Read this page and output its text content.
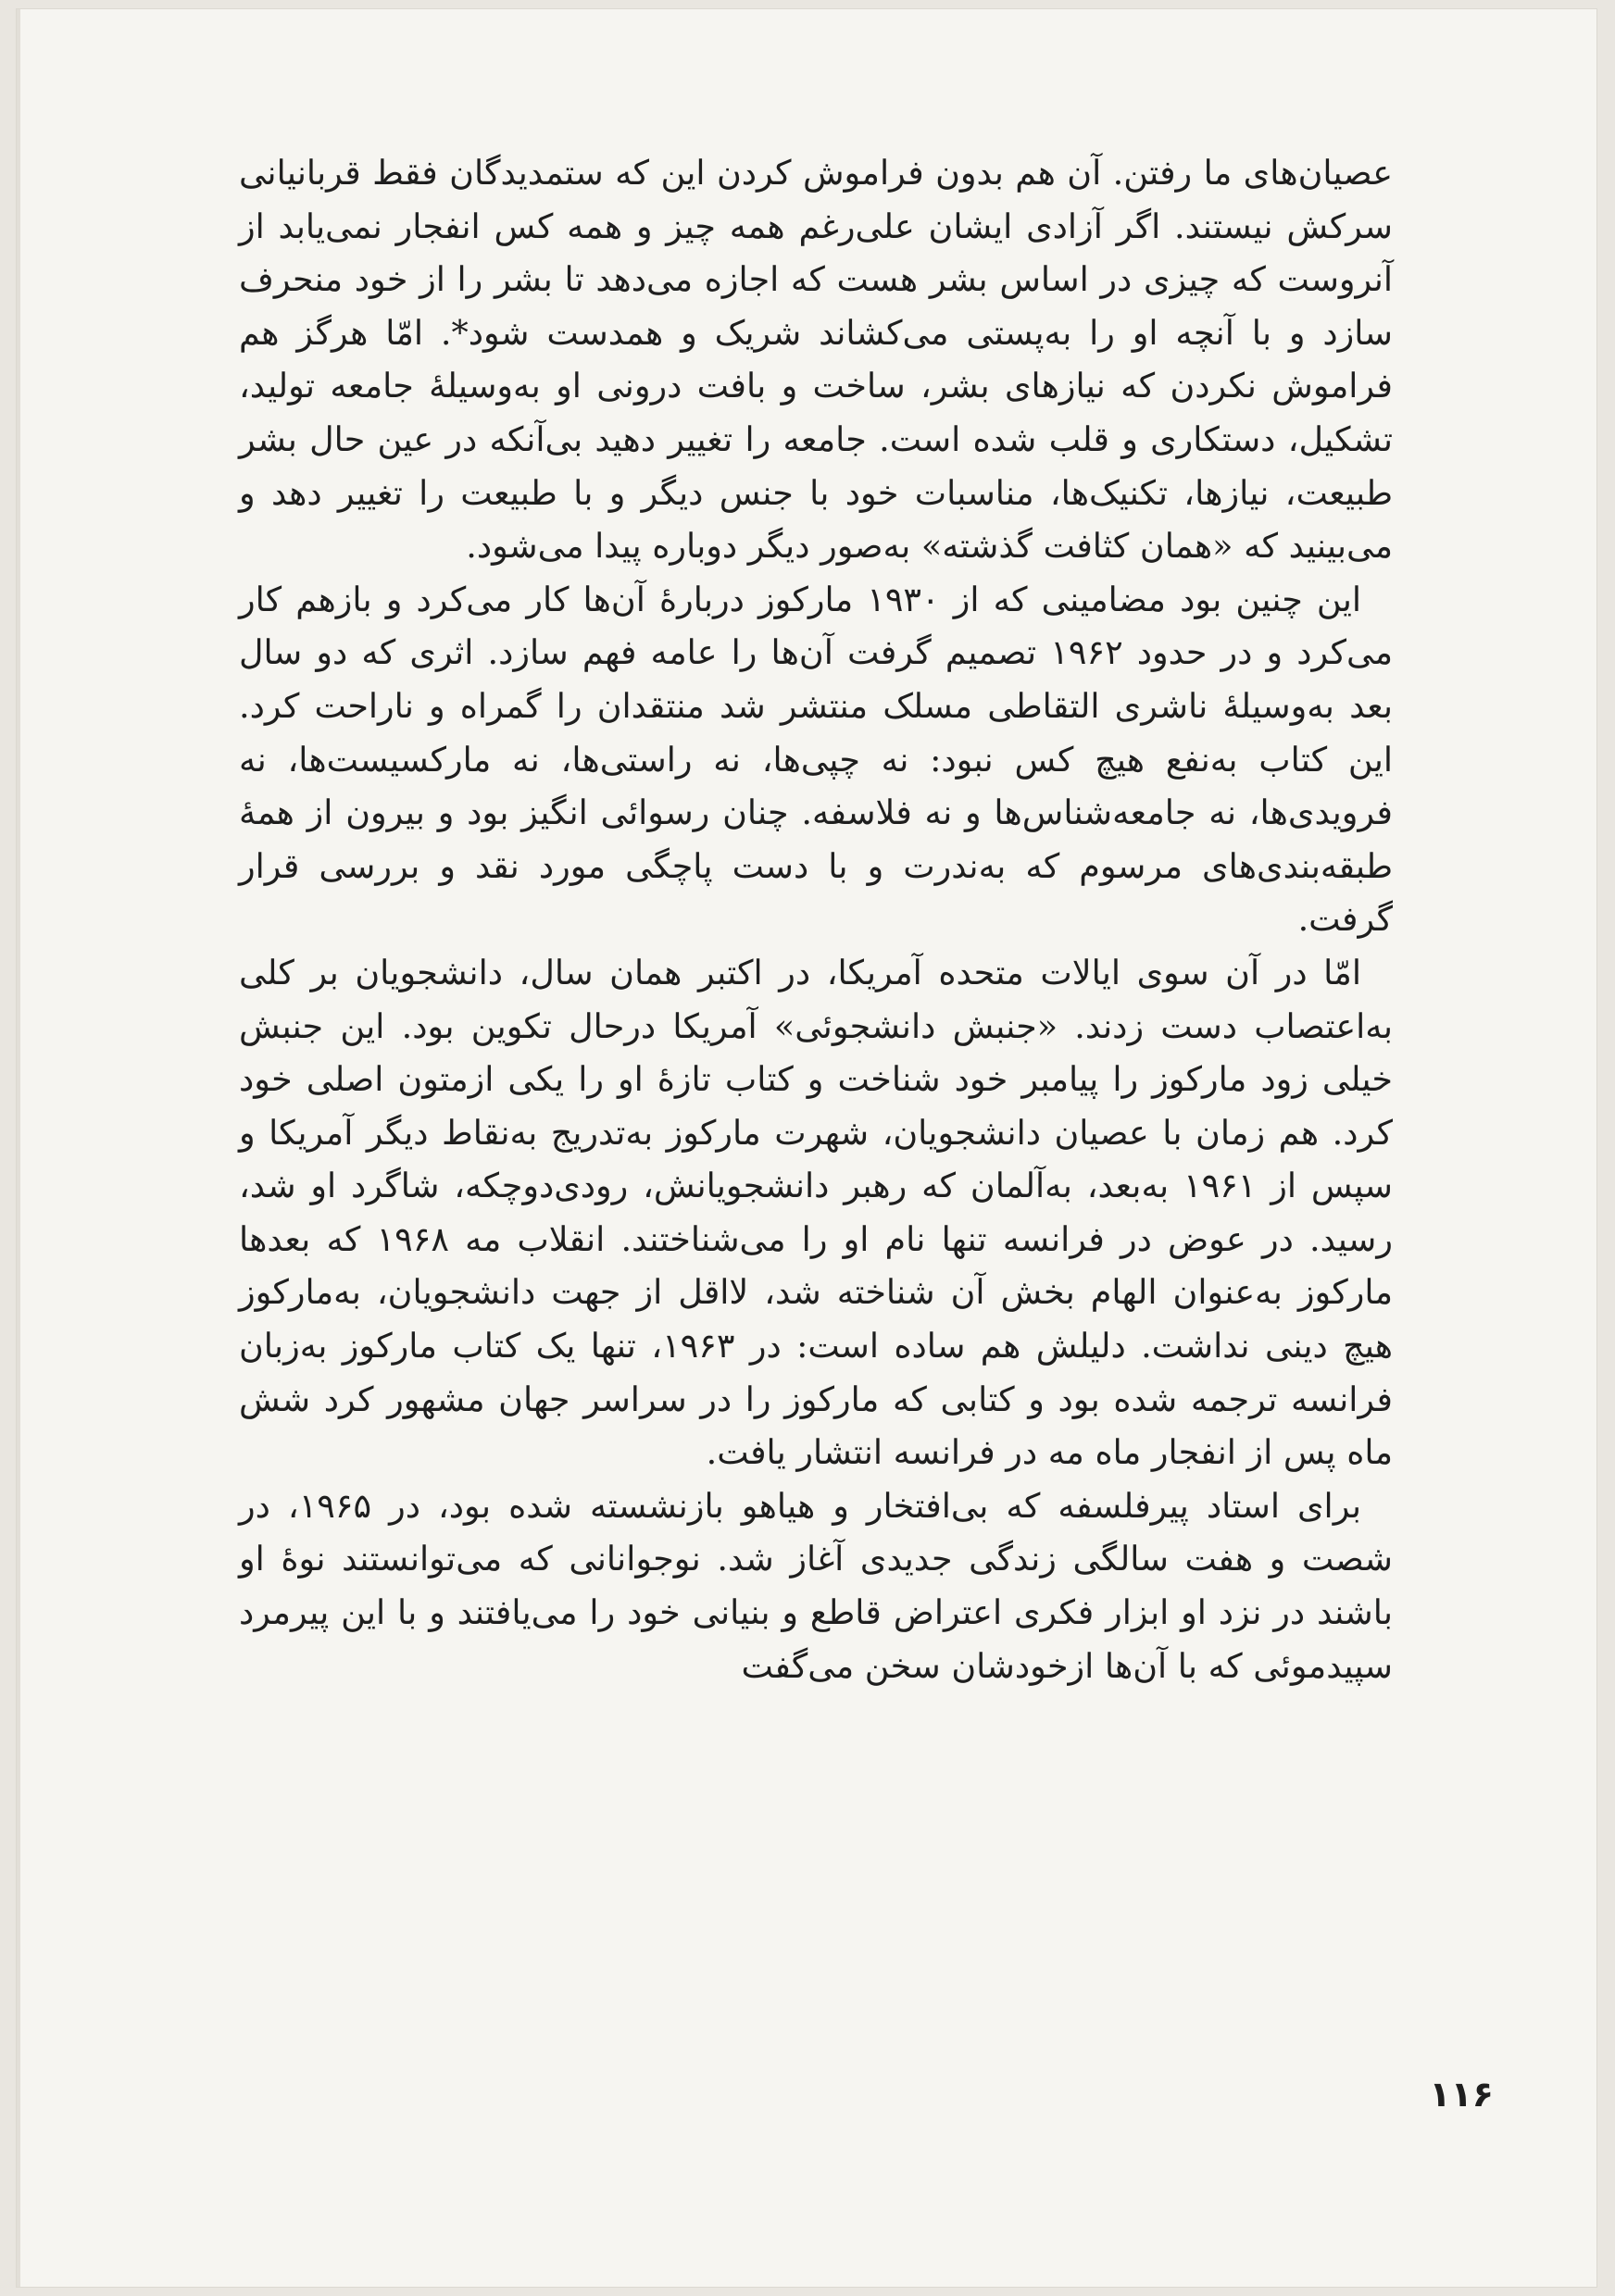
عصیان‌های ما رفتن. آن هم بدون فراموش کردن این که ستمدیدگان فقط قربانیانی سرکش نیستند. اگر آزادی ایشان علی‌رغم همه چیز و همه کس انفجار نمی‌یابد از آنروست که چیزی در اساس بشر هست که اجازه می‌دهد تا بشر را از خود منحرف سازد و با آنچه او را به‌پستی می‌کشاند شریک و همدست شود*. امّا هرگز هم فراموش نکردن که نیازهای بشر، ساخت و بافت درونی او به‌وسیلهٔ جامعه تولید، تشکیل، دستکاری و قلب شده است. جامعه را تغییر دهید بی‌آنکه در عین حال بشر طبیعت، نیازها، تکنیک‌ها، مناسبات خود با جنس دیگر و با طبیعت را تغییر دهد و می‌بینید که «همان کثافت گذشته» به‌صور دیگر دوباره پیدا می‌شود.

این چنین بود مضامینی که از ۱۹۳۰ مارکوز دربارهٔ آن‌ها کار می‌کرد و بازهم کار می‌کرد و در حدود ۱۹۶۲ تصمیم گرفت آن‌ها را عامه فهم سازد. اثری که دو سال بعد به‌وسیلهٔ ناشری التقاطی مسلک منتشر شد منتقدان را گمراه و ناراحت کرد. این کتاب به‌نفع هیچ کس نبود: نه چپی‌ها، نه راستی‌ها، نه مارکسیست‌ها، نه فرویدی‌ها، نه جامعه‌شناس‌ها و نه فلاسفه. چنان رسوائی انگیز بود و بیرون از همهٔ طبقه‌بندی‌های مرسوم که به‌ندرت و با دست پاچگی مورد نقد و بررسی قرار گرفت.

امّا در آن سوی ایالات متحده آمریکا، در اکتبر همان سال، دانشجویان بر کلی به‌اعتصاب دست زدند. «جنبش دانشجوئی» آمریکا درحال تکوین بود. این جنبش خیلی زود مارکوز را پیامبر خود شناخت و کتاب تازهٔ او را یکی ازمتون اصلی خود کرد. هم زمان با عصیان دانشجویان، شهرت مارکوز به‌تدریج به‌نقاط دیگر آمریکا و سپس از ۱۹۶۱ به‌بعد، به‌آلمان که رهبر دانشجویانش، رودی‌دوچکه، شاگرد او شد، رسید. در عوض در فرانسه تنها نام او را می‌شناختند. انقلاب مه ۱۹۶۸ که بعدها مارکوز به‌عنوان الهام بخش آن شناخته شد، لااقل از جهت دانشجویان، به‌مارکوز هیچ دینی نداشت. دلیلش هم ساده است: در ۱۹۶۳، تنها یک کتاب مارکوز به‌زبان فرانسه ترجمه شده بود و کتابی که مارکوز را در سراسر جهان مشهور کرد شش ماه پس از انفجار ماه مه در فرانسه انتشار یافت.

برای استاد پیرفلسفه که بی‌افتخار و هیاهو بازنشسته شده بود، در ۱۹۶۵، در شصت و هفت سالگی زندگی جدیدی آغاز شد. نوجوانانی که می‌توانستند نوهٔ او باشند در نزد او ابزار فکری اعتراض قاطع و بنیانی خود را می‌یافتند و با این پیرمرد سپیدموئی که با آن‌ها ازخودشان سخن می‌گفت

۱۱۶
